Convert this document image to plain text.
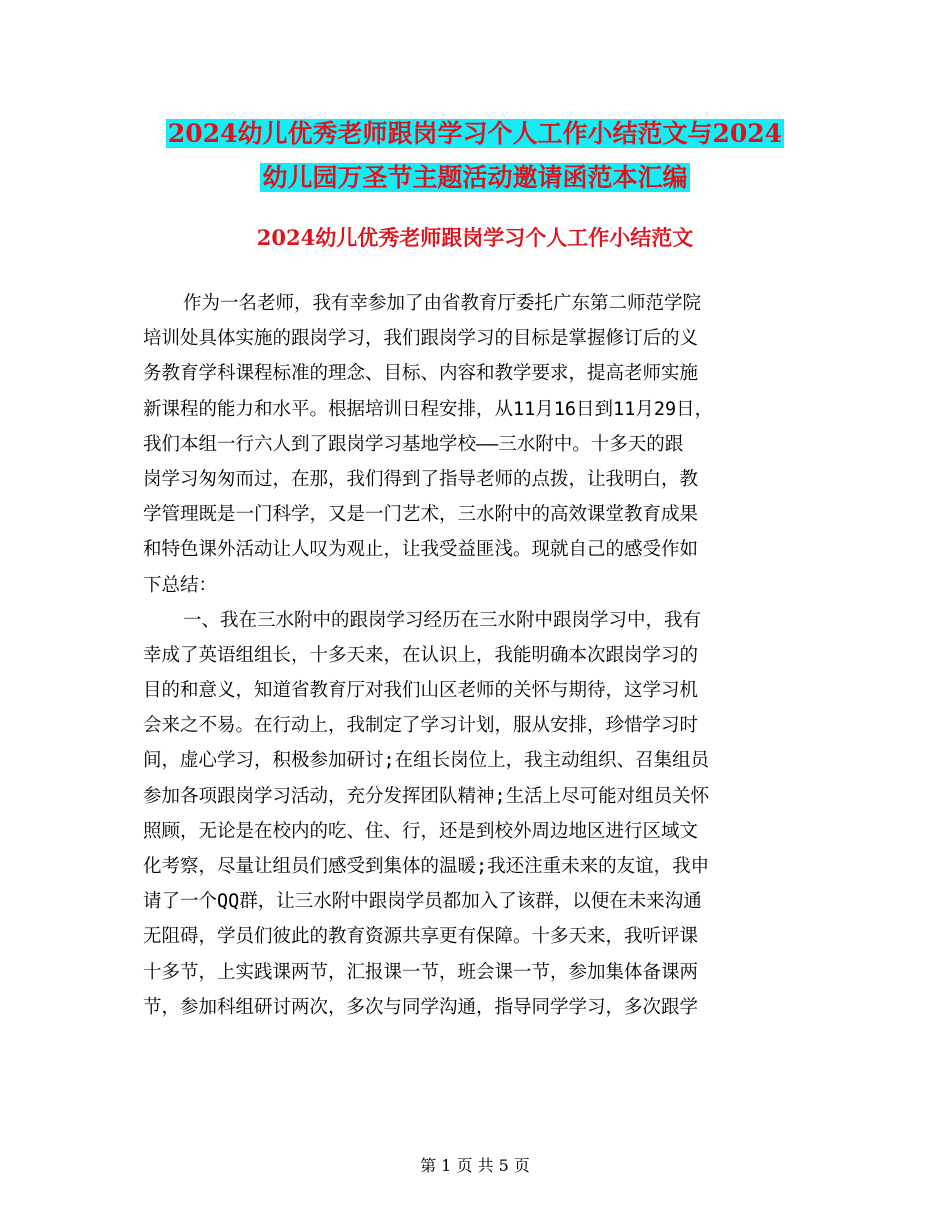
2024幼儿优秀老师跟岗学习个人工作小结范文与2024
幼儿园万圣节主题活动邀请函范本汇编
2024幼儿优秀老师跟岗学习个人工作小结范文
作为一名老师，我有幸参加了由省教育厅委托广东第二师范学院
培训处具体实施的跟岗学习，我们跟岗学习的目标是掌握修订后的义
务教育学科课程标准的理念、目标、内容和教学要求，提高老师实施
新课程的能力和水平。根据培训日程安排，从11月16日到11月29日，
我们本组一行六人到了跟岗学习基地学校——三水附中。十多天的跟
岗学习匆匆而过，在那，我们得到了指导老师的点拨，让我明白，教
学管理既是一门科学，又是一门艺术，三水附中的高效课堂教育成果
和特色课外活动让人叹为观止，让我受益匪浅。现就自己的感受作如
下总结：
一、我在三水附中的跟岗学习经历在三水附中跟岗学习中，我有
幸成了英语组组长，十多天来，在认识上，我能明确本次跟岗学习的
目的和意义，知道省教育厅对我们山区老师的关怀与期待，这学习机
会来之不易。在行动上，我制定了学习计划，服从安排，珍惜学习时
间，虚心学习，积极参加研讨;在组长岗位上，我主动组织、召集组员
参加各项跟岗学习活动，充分发挥团队精神;生活上尽可能对组员关怀
照顾，无论是在校内的吃、住、行，还是到校外周边地区进行区域文
化考察，尽量让组员们感受到集体的温暖;我还注重未来的友谊，我申
请了一个QQ群，让三水附中跟岗学员都加入了该群，以便在未来沟通
无阻碍，学员们彼此的教育资源共享更有保障。十多天来，我听评课
十多节，上实践课两节，汇报课一节，班会课一节，参加集体备课两
节，参加科组研讨两次，多次与同学沟通，指导同学学习，多次跟学
第 1 页 共 5 页
